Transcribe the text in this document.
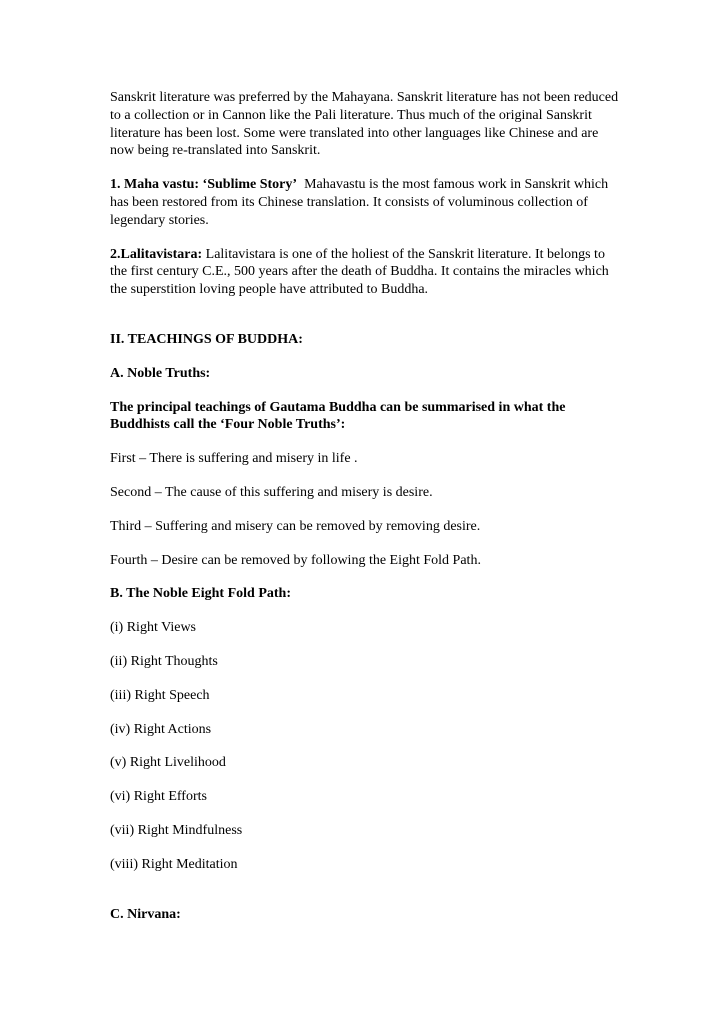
Sanskrit literature was preferred by the Mahayana. Sanskrit literature has not been reduced to a collection or in Cannon like the Pali literature. Thus much of the original Sanskrit literature has been lost. Some were translated into other languages like Chinese and are now being re-translated into Sanskrit.

1. Maha vastu: ‘Sublime Story’ Mahavastu is the most famous work in Sanskrit which has been restored from its Chinese translation. It consists of voluminous collection of legendary stories.

2.Lalitavistara: Lalitavistara is one of the holiest of the Sanskrit literature. It belongs to the first century C.E., 500 years after the death of Buddha. It contains the miracles which the superstition loving people have attributed to Buddha.

II. TEACHINGS OF BUDDHA:

A. Noble Truths:

The principal teachings of Gautama Buddha can be summarised in what the Buddhists call the ‘Four Noble Truths’:

First – There is suffering and misery in life .

Second – The cause of this suffering and misery is desire.

Third – Suffering and misery can be removed by removing desire.

Fourth – Desire can be removed by following the Eight Fold Path.

B. The Noble Eight Fold Path:

(i) Right Views

(ii) Right Thoughts

(iii) Right Speech

(iv) Right Actions

(v) Right Livelihood

(vi) Right Efforts

(vii) Right Mindfulness

(viii) Right Meditation

C. Nirvana:
